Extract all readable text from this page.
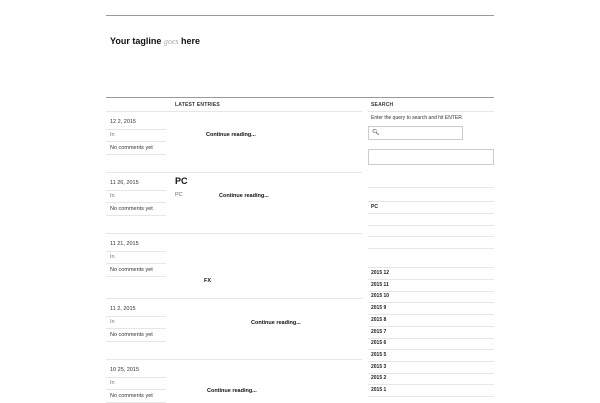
Your tagline goes here
LATEST ENTRIES	SEARCH
12 2, 2015
In
No comments yet
Continue reading...
11 26, 2015
In
No comments yet
PC
PC	Continue reading...
11 21, 2015
In
No comments yet
FX
11 2, 2015
In
No comments yet
Continue reading...
10 25, 2015
In
No comments yet
Continue reading...
Enter the query to search and hit ENTER.
🔍︎
PC
2015 12
2015 11
2015 10
2015 9
2015 8
2015 7
2015 6
2015 5
2015 3
2015 2
2015 1
